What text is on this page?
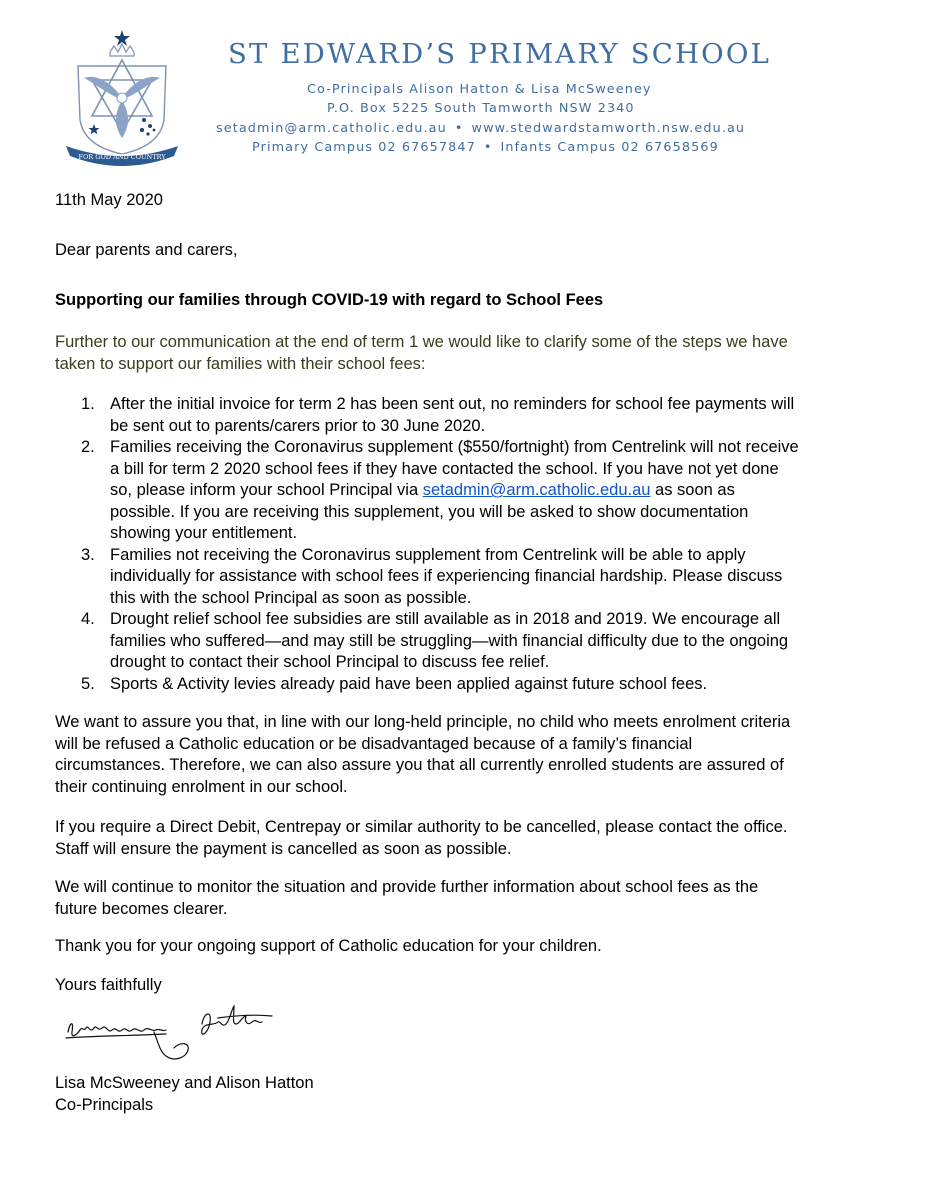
FOR GOD AND COUNTRY
ST EDWARD’S PRIMARY SCHOOL
Co-Principals Alison Hatton & Lisa McSweeney
P.O. Box 5225 South Tamworth NSW 2340
setadmin@arm.catholic.edu.au • www.stedwardstamworth.nsw.edu.au
Primary Campus 02 67657847 • Infants Campus 02 67658569
11th May 2020
Dear parents and carers,
Supporting our families through COVID-19 with regard to School Fees
Further to our communication at the end of term 1 we would like to clarify some of the steps we have
taken to support our families with their school fees:
1. After the initial invoice for term 2 has been sent out, no reminders for school fee payments will
be sent out to parents/carers prior to 30 June 2020.
2. Families receiving the Coronavirus supplement ($550/fortnight) from Centrelink will not receive
a bill for term 2 2020 school fees if they have contacted the school. If you have not yet done
so, please inform your school Principal via setadmin@arm.catholic.edu.au as soon as
possible. If you are receiving this supplement, you will be asked to show documentation
showing your entitlement.
3. Families not receiving the Coronavirus supplement from Centrelink will be able to apply
individually for assistance with school fees if experiencing financial hardship. Please discuss
this with the school Principal as soon as possible.
4. Drought relief school fee subsidies are still available as in 2018 and 2019. We encourage all
families who suffered—and may still be struggling—with financial difficulty due to the ongoing
drought to contact their school Principal to discuss fee relief.
5. Sports & Activity levies already paid have been applied against future school fees.
We want to assure you that, in line with our long-held principle, no child who meets enrolment criteria
will be refused a Catholic education or be disadvantaged because of a family’s financial
circumstances. Therefore, we can also assure you that all currently enrolled students are assured of
their continuing enrolment in our school.
If you require a Direct Debit, Centrepay or similar authority to be cancelled, please contact the office.
Staff will ensure the payment is cancelled as soon as possible.
We will continue to monitor the situation and provide further information about school fees as the
future becomes clearer.
Thank you for your ongoing support of Catholic education for your children.
Yours faithfully
Lisa McSweeney and Alison Hatton
Co-Principals
